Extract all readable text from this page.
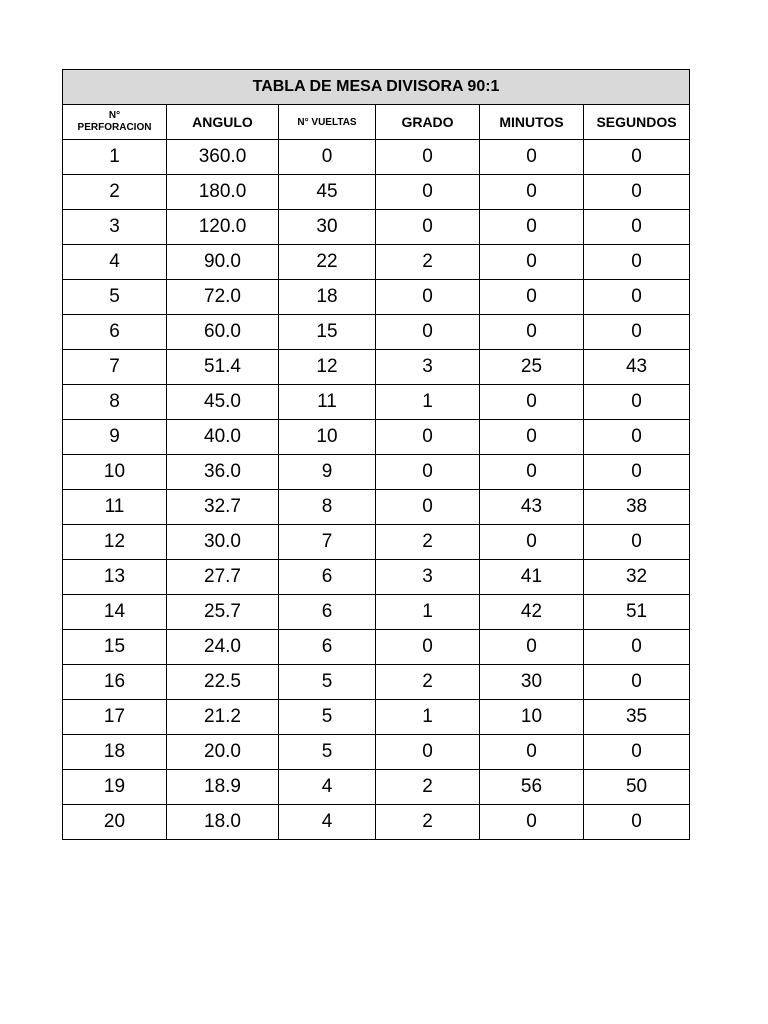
TABLA DE MESA DIVISORA 90:1					

N°
PERFORACION	ANGULO	N° VUELTAS	GRADO	MINUTOS	SEGUNDOS
1	360.0	0	0	0	0
2	180.0	45	0	0	0
3	120.0	30	0	0	0
4	90.0	22	2	0	0
5	72.0	18	0	0	0
6	60.0	15	0	0	0
7	51.4	12	3	25	43
8	45.0	11	1	0	0
9	40.0	10	0	0	0
10	36.0	9	0	0	0
11	32.7	8	0	43	38
12	30.0	7	2	0	0
13	27.7	6	3	41	32
14	25.7	6	1	42	51
15	24.0	6	0	0	0
16	22.5	5	2	30	0
17	21.2	5	1	10	35
18	20.0	5	0	0	0
19	18.9	4	2	56	50
20	18.0	4	2	0	0
